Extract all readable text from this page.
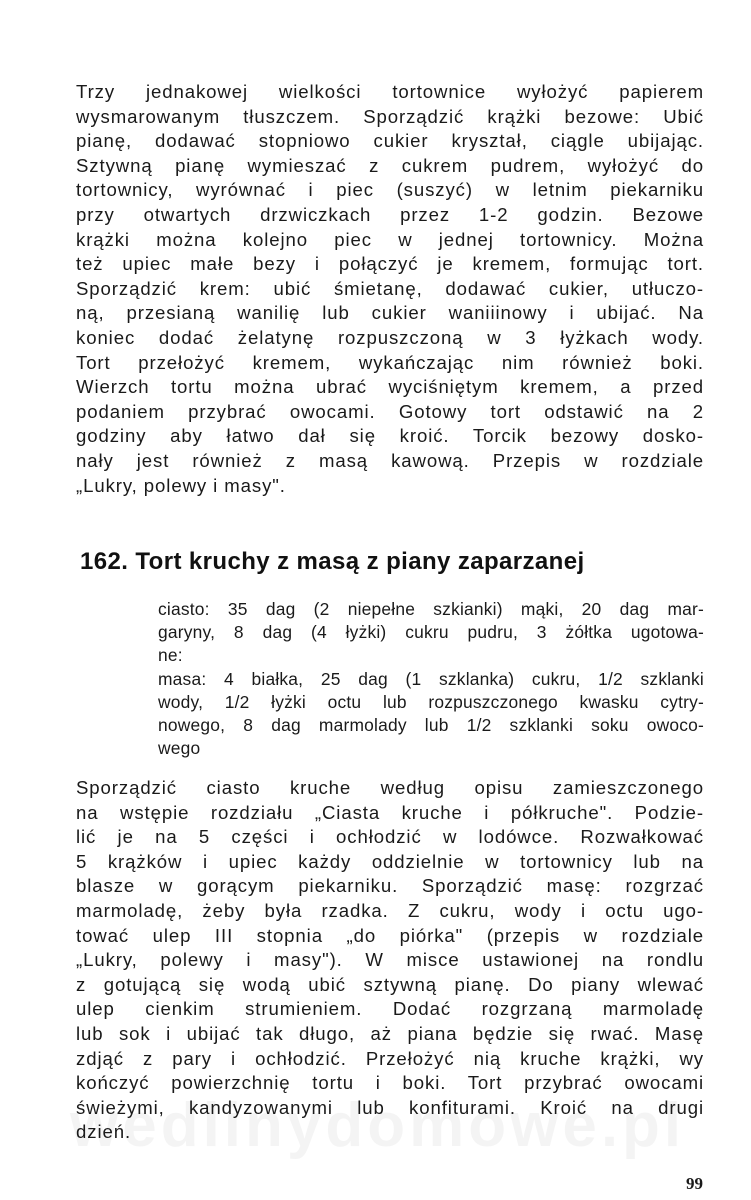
Trzy jednakowej wielkości tortownice wyłożyć papierem
wysmarowanym tłuszczem. Sporządzić krążki bezowe: Ubić
pianę, dodawać stopniowo cukier kryształ, ciągle ubijając.
Sztywną pianę wymieszać z cukrem pudrem, wyłożyć do
tortownicy, wyrównać i piec (suszyć) w letnim piekarniku
przy otwartych drzwiczkach przez 1-2 godzin. Bezowe
krążki można kolejno piec w jednej tortownicy. Można
też upiec małe bezy i połączyć je kremem, formując tort.
Sporządzić krem: ubić śmietanę, dodawać cukier, utłuczo-
ną, przesianą wanilię lub cukier waniiinowy i ubijać. Na
koniec dodać żelatynę rozpuszczoną w 3 łyżkach wody.
Tort przełożyć kremem, wykańczając nim również boki.
Wierzch tortu można ubrać wyciśniętym kremem, a przed
podaniem przybrać owocami. Gotowy tort odstawić na 2
godziny aby łatwo dał się kroić. Torcik bezowy dosko-
nały jest również z masą kawową. Przepis w rozdziale
„Lukry, polewy i masy".
162. Tort kruchy z masą z piany zaparzanej
ciasto: 35 dag (2 niepełne szkianki) mąki, 20 dag mar-
garyny, 8 dag (4 łyżki) cukru pudru, 3 żółtka ugotowa-
ne:
masa: 4 białka, 25 dag (1 szklanka) cukru, 1/2 szklanki
wody, 1/2 łyżki octu lub rozpuszczonego kwasku cytry-
nowego, 8 dag marmolady lub 1/2 szklanki soku owoco-
wego
Sporządzić ciasto kruche według opisu zamieszczonego
na wstępie rozdziału „Ciasta kruche i półkruche". Podzie-
lić je na 5 części i ochłodzić w lodówce. Rozwałkować
5 krążków i upiec każdy oddzielnie w tortownicy lub na
blasze w gorącym piekarniku. Sporządzić masę: rozgrzać
marmoladę, żeby była rzadka. Z cukru, wody i octu ugo-
tować ulep III stopnia „do piórka" (przepis w rozdziale
„Lukry, polewy i masy"). W misce ustawionej na rondlu
z gotującą się wodą ubić sztywną pianę. Do piany wlewać
ulep cienkim strumieniem. Dodać rozgrzaną marmoladę
lub sok i ubijać tak długo, aż piana będzie się rwać. Masę
zdjąć z pary i ochłodzić. Przełożyć nią kruche krążki, wy
kończyć powierzchnię tortu i boki. Tort przybrać owocami
świeżymi, kandyzowanymi lub konfiturami. Kroić na drugi
dzień.
99
